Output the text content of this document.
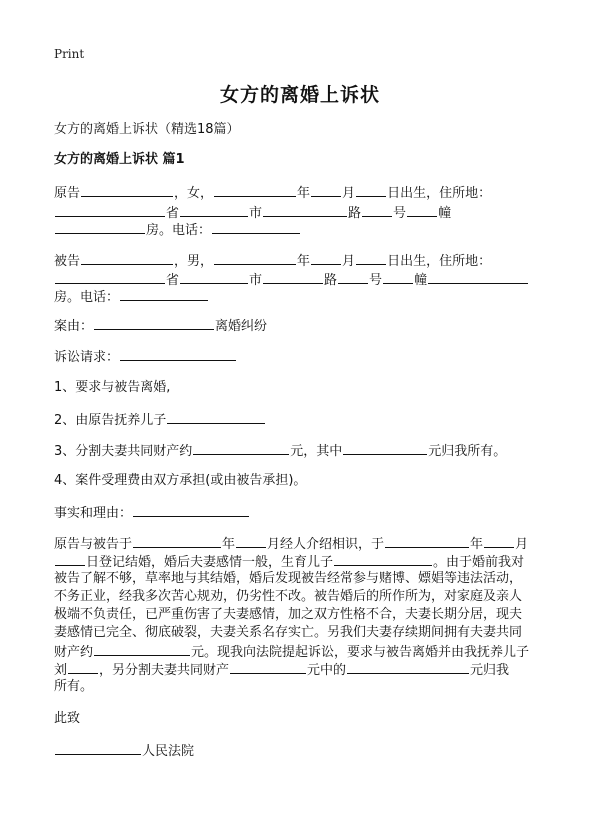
Print
女方的离婚上诉状
女方的离婚上诉状（精选18篇）
女方的离婚上诉状 篇1
原告	，女，	年 月 日出生，住所地：
省	市	路 号 幢
房。电话：
被告	，男，	年 月 日出生，住所地：
省	市	路 号 幢
房。电话：
案由：	离婚纠纷
诉讼请求：
1、要求与被告离婚,
2、由原告抚养儿子
3、分割夫妻共同财产约	元，其中	元归我所有。
4、案件受理费由双方承担(或由被告承担)。
事实和理由：
原告与被告于	年 月经人介绍相识，于	年 月
日登记结婚，婚后夫妻感情一般，生育儿子	。由于婚前我对
被告了解不够，草率地与其结婚，婚后发现被告经常参与赌博、嫖娼等违法活动，
不务正业，经我多次苦心规劝，仍劣性不改。被告婚后的所作所为，对家庭及亲人
极端不负责任，已严重伤害了夫妻感情，加之双方性格不合，夫妻长期分居，现夫
妻感情已完全、彻底破裂，夫妻关系名存实亡。另我们夫妻存续期间拥有夫妻共同
财产约	元。现我向法院提起诉讼，要求与被告离婚并由我抚养儿子
刘 ，另分割夫妻共同财产	元中的	元归我
所有。
此致
人民法院
